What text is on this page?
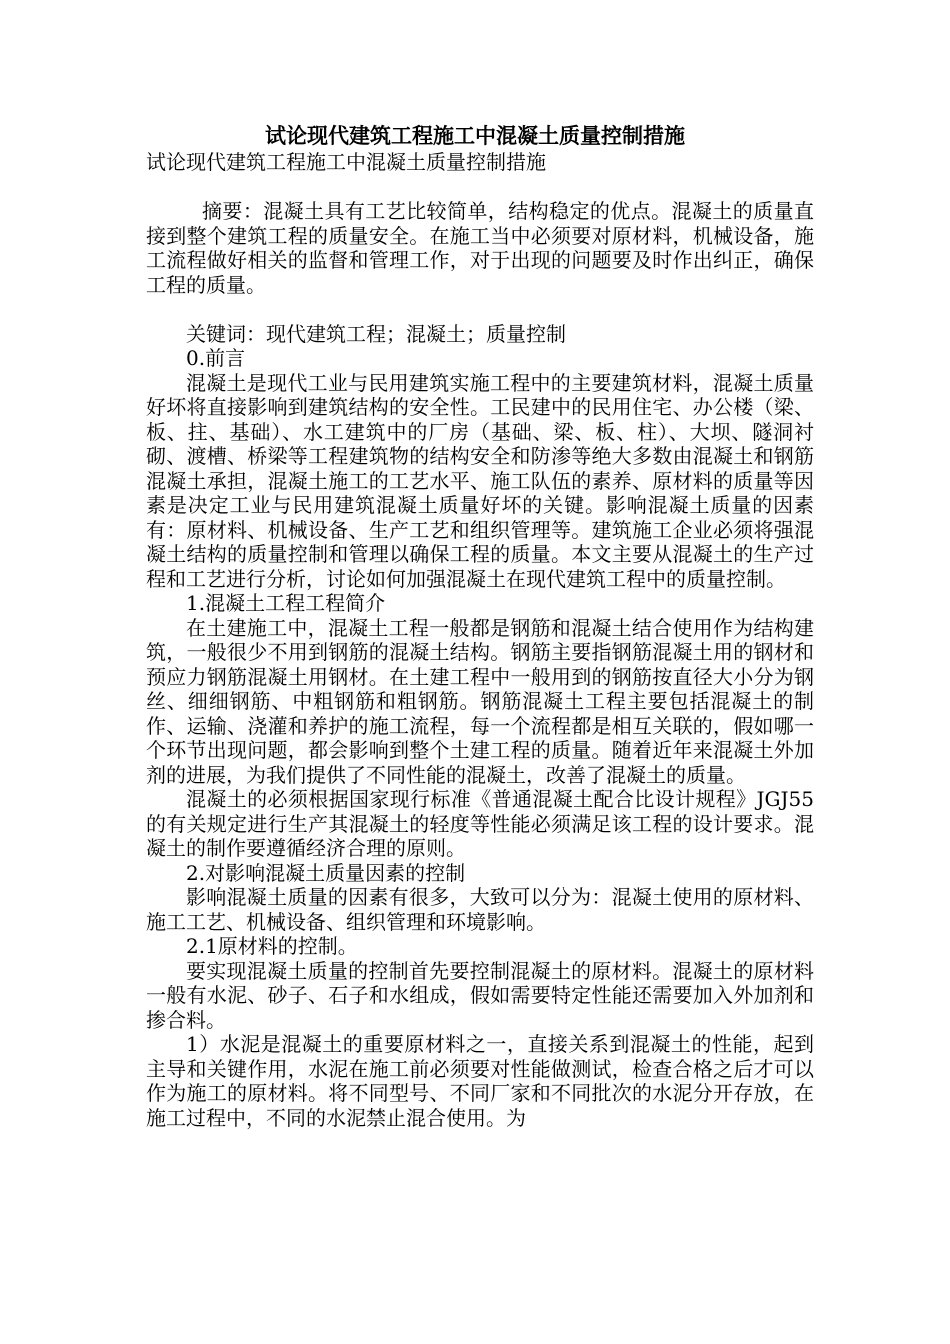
试论现代建筑工程施工中混凝土质量控制措施

试论现代建筑工程施工中混凝土质量控制措施

摘要：混凝土具有工艺比较简单，结构稳定的优点。混凝土的质量直接到整个建筑工程的质量安全。在施工当中必须要对原材料，机械设备，施工流程做好相关的监督和管理工作，对于出现的问题要及时作出纠正，确保工程的质量。

关键词：现代建筑工程；混凝土；质量控制

0.前言

混凝土是现代工业与民用建筑实施工程中的主要建筑材料，混凝土质量好坏将直接影响到建筑结构的安全性。工民建中的民用住宅、办公楼（梁、板、拄、基础）、水工建筑中的厂房（基础、梁、板、柱）、大坝、隧洞衬砌、渡槽、桥梁等工程建筑物的结构安全和防渗等绝大多数由混凝土和钢筋混凝土承担，混凝土施工的工艺水平、施工队伍的素养、原材料的质量等因素是决定工业与民用建筑混凝土质量好坏的关键。影响混凝土质量的因素有：原材料、机械设备、生产工艺和组织管理等。建筑施工企业必须将强混凝土结构的质量控制和管理以确保工程的质量。本文主要从混凝土的生产过程和工艺进行分析，讨论如何加强混凝土在现代建筑工程中的质量控制。

1.混凝土工程工程简介

在土建施工中，混凝土工程一般都是钢筋和混凝土结合使用作为结构建筑，一般很少不用到钢筋的混凝土结构。钢筋主要指钢筋混凝土用的钢材和预应力钢筋混凝土用钢材。在土建工程中一般用到的钢筋按直径大小分为钢丝、细细钢筋、中粗钢筋和粗钢筋。钢筋混凝土工程主要包括混凝土的制作、运输、浇灌和养护的施工流程，每一个流程都是相互关联的，假如哪一个环节出现问题，都会影响到整个土建工程的质量。随着近年来混凝土外加剂的进展，为我们提供了不同性能的混凝土，改善了混凝土的质量。

混凝土的必须根据国家现行标准《普通混凝土配合比设计规程》JGJ55的有关规定进行生产其混凝土的轻度等性能必须满足该工程的设计要求。混凝土的制作要遵循经济合理的原则。

2.对影响混凝土质量因素的控制

影响混凝土质量的因素有很多，大致可以分为：混凝土使用的原材料、施工工艺、机械设备、组织管理和环境影响。

2.1原材料的控制。

要实现混凝土质量的控制首先要控制混凝土的原材料。混凝土的原材料一般有水泥、砂子、石子和水组成，假如需要特定性能还需要加入外加剂和掺合料。

1）水泥是混凝土的重要原材料之一，直接关系到混凝土的性能，起到主导和关键作用，水泥在施工前必须要对性能做测试，检查合格之后才可以作为施工的原材料。将不同型号、不同厂家和不同批次的水泥分开存放，在施工过程中，不同的水泥禁止混合使用。为
